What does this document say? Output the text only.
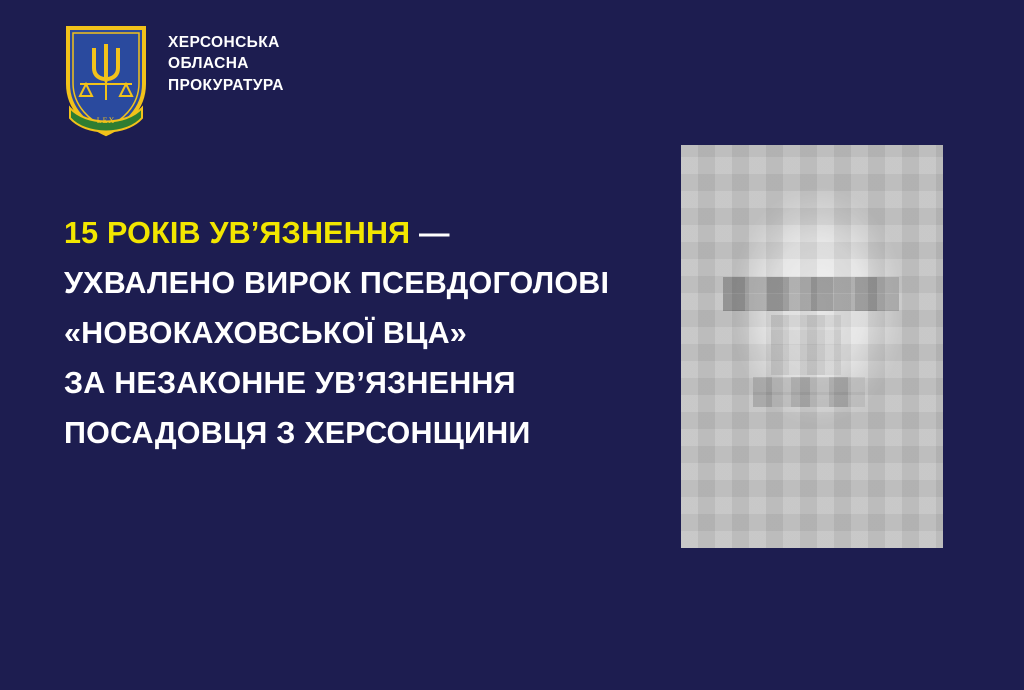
LEX
ХЕРСОНСЬКА
ОБЛАСНА
ПРОКУРАТУРА
15 РОКІВ УВ’ЯЗНЕННЯ —
УХВАЛЕНО ВИРОК ПСЕВДОГОЛОВІ
«НОВОКАХОВСЬКОЇ ВЦА»
ЗА НЕЗАКОННЕ УВ’ЯЗНЕННЯ
ПОСАДОВЦЯ З ХЕРСОНЩИНИ
